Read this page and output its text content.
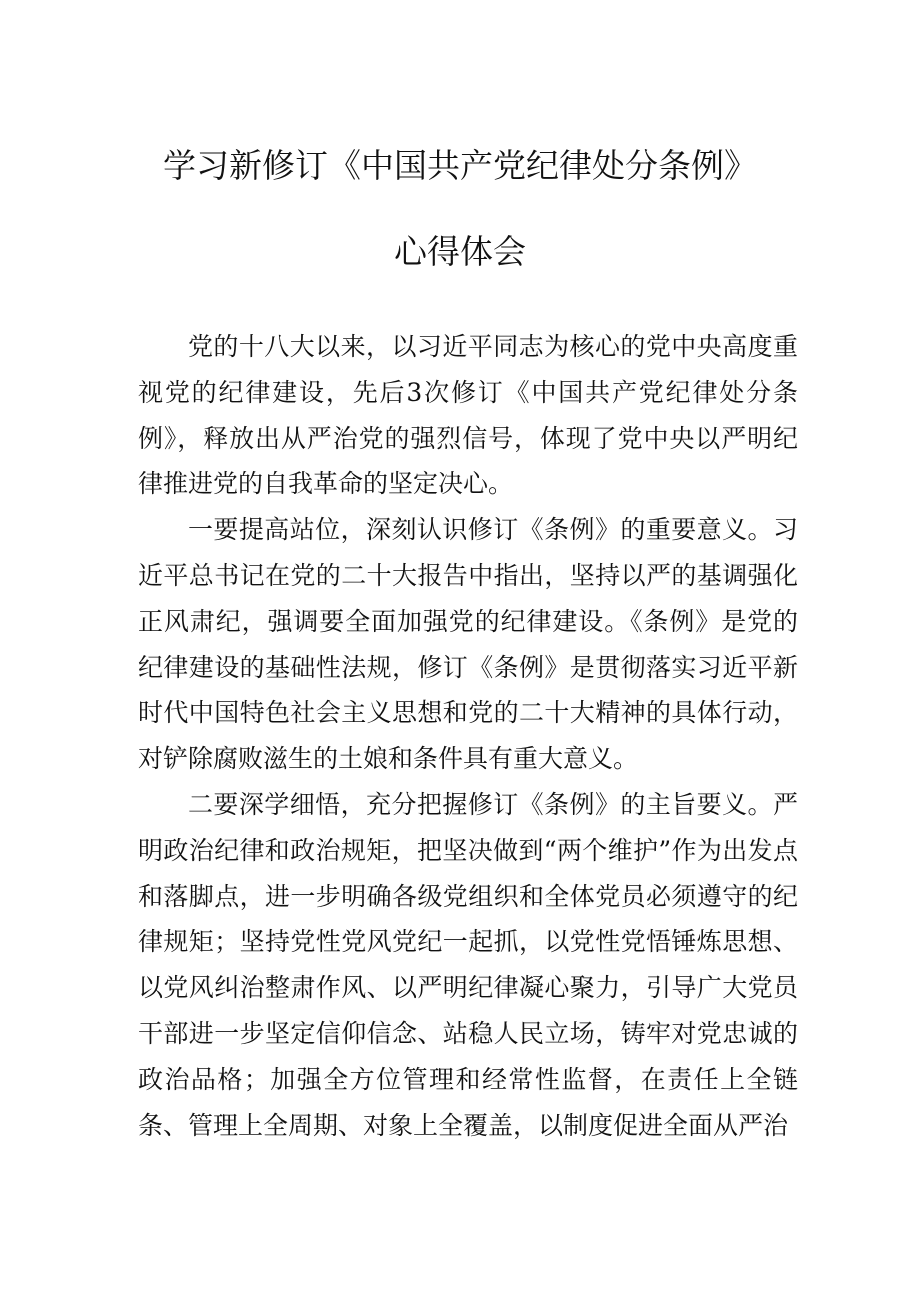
学习新修订《中国共产党纪律处分条例》
心得体会

党的十八大以来，以习近平同志为核心的党中央高度重视党的纪律建设，先后3次修订《中国共产党纪律处分条例》，释放出从严治党的强烈信号，体现了党中央以严明纪律推进党的自我革命的坚定决心。

一要提高站位，深刻认识修订《条例》的重要意义。习近平总书记在党的二十大报告中指出，坚持以严的基调强化正风肃纪，强调要全面加强党的纪律建设。《条例》是党的纪律建设的基础性法规，修订《条例》是贯彻落实习近平新时代中国特色社会主义思想和党的二十大精神的具体行动，对铲除腐败滋生的土娘和条件具有重大意义。

二要深学细悟，充分把握修订《条例》的主旨要义。严明政治纪律和政治规矩，把坚决做到“两个维护”作为出发点和落脚点，进一步明确各级党组织和全体党员必须遵守的纪律规矩；坚持党性党风党纪一起抓，以党性党悟锤炼思想、以党风纠治整肃作风、以严明纪律凝心聚力，引导广大党员干部进一步坚定信仰信念、站稳人民立场，铸牢对党忠诚的政治品格；加强全方位管理和经常性监督，在责任上全链条、管理上全周期、对象上全覆盖，以制度促进全面从严治
